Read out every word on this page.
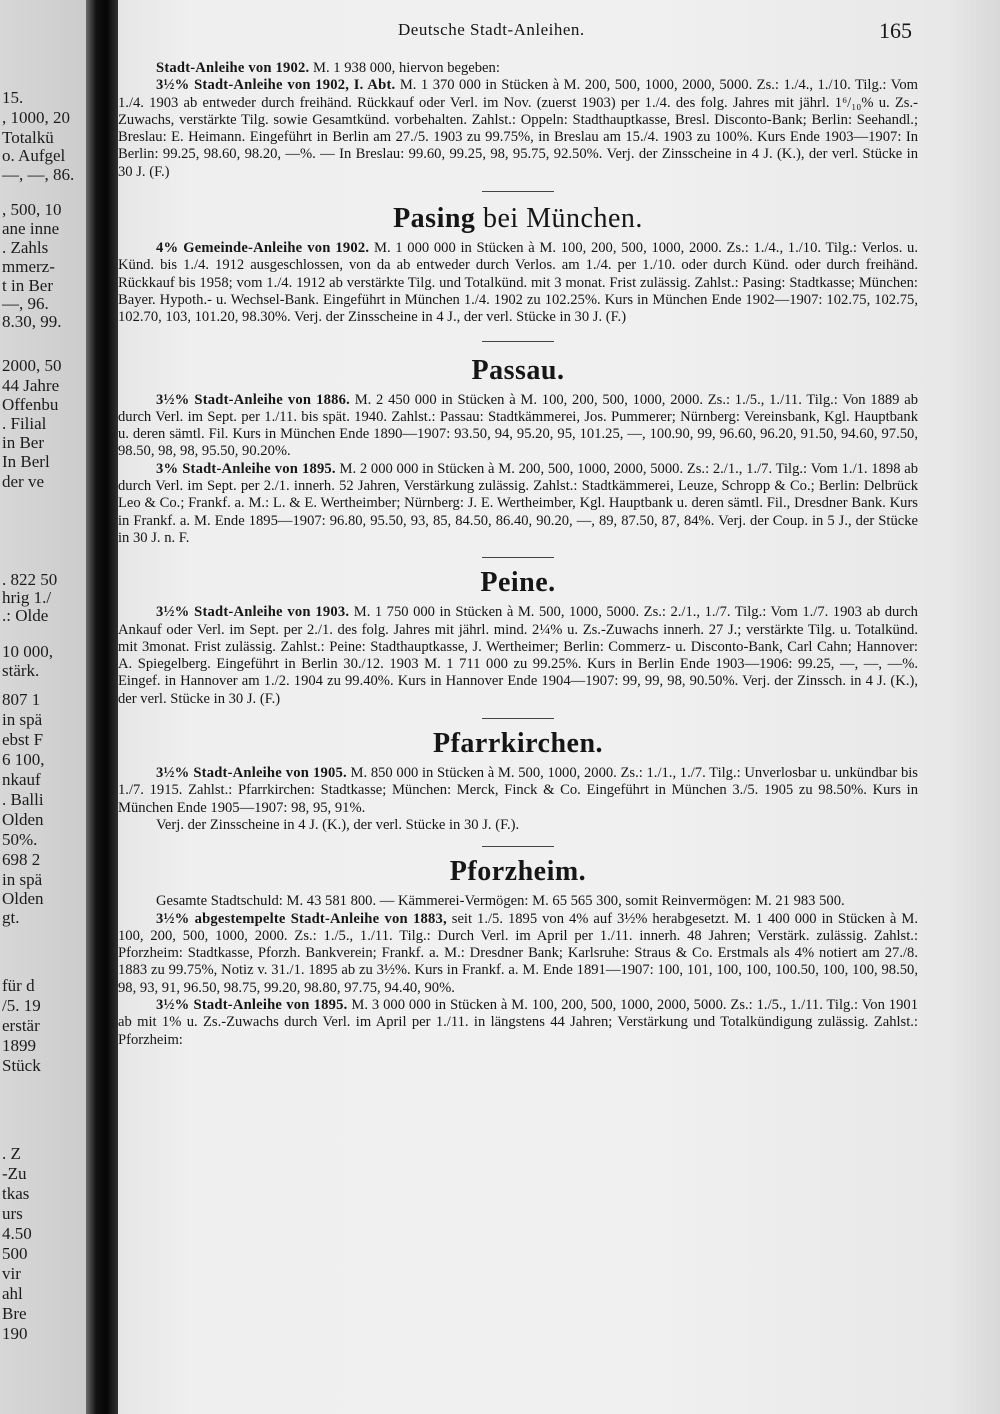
15.
, 1000, 20
Totalkü
o. Aufgel
—, —, 86.
, 500, 10
ane inne
. Zahls
mmerz-
t in Ber
—, 96.
8.30, 99.
2000, 50
44 Jahre
Offenbu
. Filial
in Ber
In Berl
der ve
. 822 50
hrig 1./
.: Olde
10 000,
stärk.
807 1
in spä
ebst F
6 100,
nkauf
. Balli
Olden
50%.
698 2
in spä
Olden
gt.
für d
/5. 19
erstär
1899
Stück
. Z
-Zu
tkas
urs
4.50
500
vir
ahl
Bre
190
Deutsche Stadt-Anleihen.	165

Stadt-Anleihe von 1902. M. 1 938 000, hiervon begeben:

3½% Stadt-Anleihe von 1902, I. Abt. M. 1 370 000 in Stücken à M. 200, 500, 1000, 2000, 5000. Zs.: 1./4., 1./10. Tilg.: Vom 1./4. 1903 ab entweder durch freihänd. Rückkauf oder Verl. im Nov. (zuerst 1903) per 1./4. des folg. Jahres mit jährl. 1⁶/₁₀% u. Zs.-Zuwachs, verstärkte Tilg. sowie Gesamtkünd. vorbehalten. Zahlst.: Oppeln: Stadthauptkasse, Bresl. Disconto-Bank; Berlin: Seehandl.; Breslau: E. Heimann. Eingeführt in Berlin am 27./5. 1903 zu 99.75%, in Breslau am 15./4. 1903 zu 100%. Kurs Ende 1903—1907: In Berlin: 99.25, 98.60, 98.20, —%. — In Breslau: 99.60, 99.25, 98, 95.75, 92.50%. Verj. der Zinsscheine in 4 J. (K.), der verl. Stücke in 30 J. (F.)

Pasing bei München.

4% Gemeinde-Anleihe von 1902. M. 1 000 000 in Stücken à M. 100, 200, 500, 1000, 2000. Zs.: 1./4., 1./10. Tilg.: Verlos. u. Künd. bis 1./4. 1912 ausgeschlossen, von da ab entweder durch Verlos. am 1./4. per 1./10. oder durch Künd. oder durch freihänd. Rückkauf bis 1958; vom 1./4. 1912 ab verstärkte Tilg. und Totalkünd. mit 3 monat. Frist zulässig. Zahlst.: Pasing: Stadtkasse; München: Bayer. Hypoth.- u. Wechsel-Bank. Eingeführt in München 1./4. 1902 zu 102.25%. Kurs in München Ende 1902—1907: 102.75, 102.75, 102.70, 103, 101.20, 98.30%. Verj. der Zinsscheine in 4 J., der verl. Stücke in 30 J. (F.)

Passau.

3½% Stadt-Anleihe von 1886. M. 2 450 000 in Stücken à M. 100, 200, 500, 1000, 2000. Zs.: 1./5., 1./11. Tilg.: Von 1889 ab durch Verl. im Sept. per 1./11. bis spät. 1940. Zahlst.: Passau: Stadtkämmerei, Jos. Pummerer; Nürnberg: Vereinsbank, Kgl. Hauptbank u. deren sämtl. Fil. Kurs in München Ende 1890—1907: 93.50, 94, 95.20, 95, 101.25, —, 100.90, 99, 96.60, 96.20, 91.50, 94.60, 97.50, 98.50, 98, 98, 95.50, 90.20%.

3% Stadt-Anleihe von 1895. M. 2 000 000 in Stücken à M. 200, 500, 1000, 2000, 5000. Zs.: 2./1., 1./7. Tilg.: Vom 1./1. 1898 ab durch Verl. im Sept. per 2./1. innerh. 52 Jahren, Verstärkung zulässig. Zahlst.: Stadtkämmerei, Leuze, Schropp & Co.; Berlin: Delbrück Leo & Co.; Frankf. a. M.: L. & E. Wertheimber; Nürnberg: J. E. Wertheimber, Kgl. Hauptbank u. deren sämtl. Fil., Dresdner Bank. Kurs in Frankf. a. M. Ende 1895—1907: 96.80, 95.50, 93, 85, 84.50, 86.40, 90.20, —, 89, 87.50, 87, 84%. Verj. der Coup. in 5 J., der Stücke in 30 J. n. F.

Peine.

3½% Stadt-Anleihe von 1903. M. 1 750 000 in Stücken à M. 500, 1000, 5000. Zs.: 2./1., 1./7. Tilg.: Vom 1./7. 1903 ab durch Ankauf oder Verl. im Sept. per 2./1. des folg. Jahres mit jährl. mind. 2¼% u. Zs.-Zuwachs innerh. 27 J.; verstärkte Tilg. u. Totalkünd. mit 3monat. Frist zulässig. Zahlst.: Peine: Stadthauptkasse, J. Wertheimer; Berlin: Commerz- u. Disconto-Bank, Carl Cahn; Hannover: A. Spiegelberg. Eingeführt in Berlin 30./12. 1903 M. 1 711 000 zu 99.25%. Kurs in Berlin Ende 1903—1906: 99.25, —, —, —%. Eingef. in Hannover am 1./2. 1904 zu 99.40%. Kurs in Hannover Ende 1904—1907: 99, 99, 98, 90.50%. Verj. der Zinssch. in 4 J. (K.), der verl. Stücke in 30 J. (F.)

Pfarrkirchen.

3½% Stadt-Anleihe von 1905. M. 850 000 in Stücken à M. 500, 1000, 2000. Zs.: 1./1., 1./7. Tilg.: Unverlosbar u. unkündbar bis 1./7. 1915. Zahlst.: Pfarrkirchen: Stadtkasse; München: Merck, Finck & Co. Eingeführt in München 3./5. 1905 zu 98.50%. Kurs in München Ende 1905—1907: 98, 95, 91%.

Verj. der Zinsscheine in 4 J. (K.), der verl. Stücke in 30 J. (F.).

Pforzheim.

Gesamte Stadtschuld: M. 43 581 800. — Kämmerei-Vermögen: M. 65 565 300, somit Reinvermögen: M. 21 983 500.

3½% abgestempelte Stadt-Anleihe von 1883, seit 1./5. 1895 von 4% auf 3½% herabgesetzt. M. 1 400 000 in Stücken à M. 100, 200, 500, 1000, 2000. Zs.: 1./5., 1./11. Tilg.: Durch Verl. im April per 1./11. innerh. 48 Jahren; Verstärk. zulässig. Zahlst.: Pforzheim: Stadtkasse, Pforzh. Bankverein; Frankf. a. M.: Dresdner Bank; Karlsruhe: Straus & Co. Erstmals als 4% notiert am 27./8. 1883 zu 99.75%, Notiz v. 31./1. 1895 ab zu 3½%. Kurs in Frankf. a. M. Ende 1891—1907: 100, 101, 100, 100, 100.50, 100, 100, 98.50, 98, 93, 91, 96.50, 98.75, 99.20, 98.80, 97.75, 94.40, 90%.

3½% Stadt-Anleihe von 1895. M. 3 000 000 in Stücken à M. 100, 200, 500, 1000, 2000, 5000. Zs.: 1./5., 1./11. Tilg.: Von 1901 ab mit 1% u. Zs.-Zuwachs durch Verl. im April per 1./11. in längstens 44 Jahren; Verstärkung und Totalkündigung zulässig. Zahlst.: Pforzheim:
